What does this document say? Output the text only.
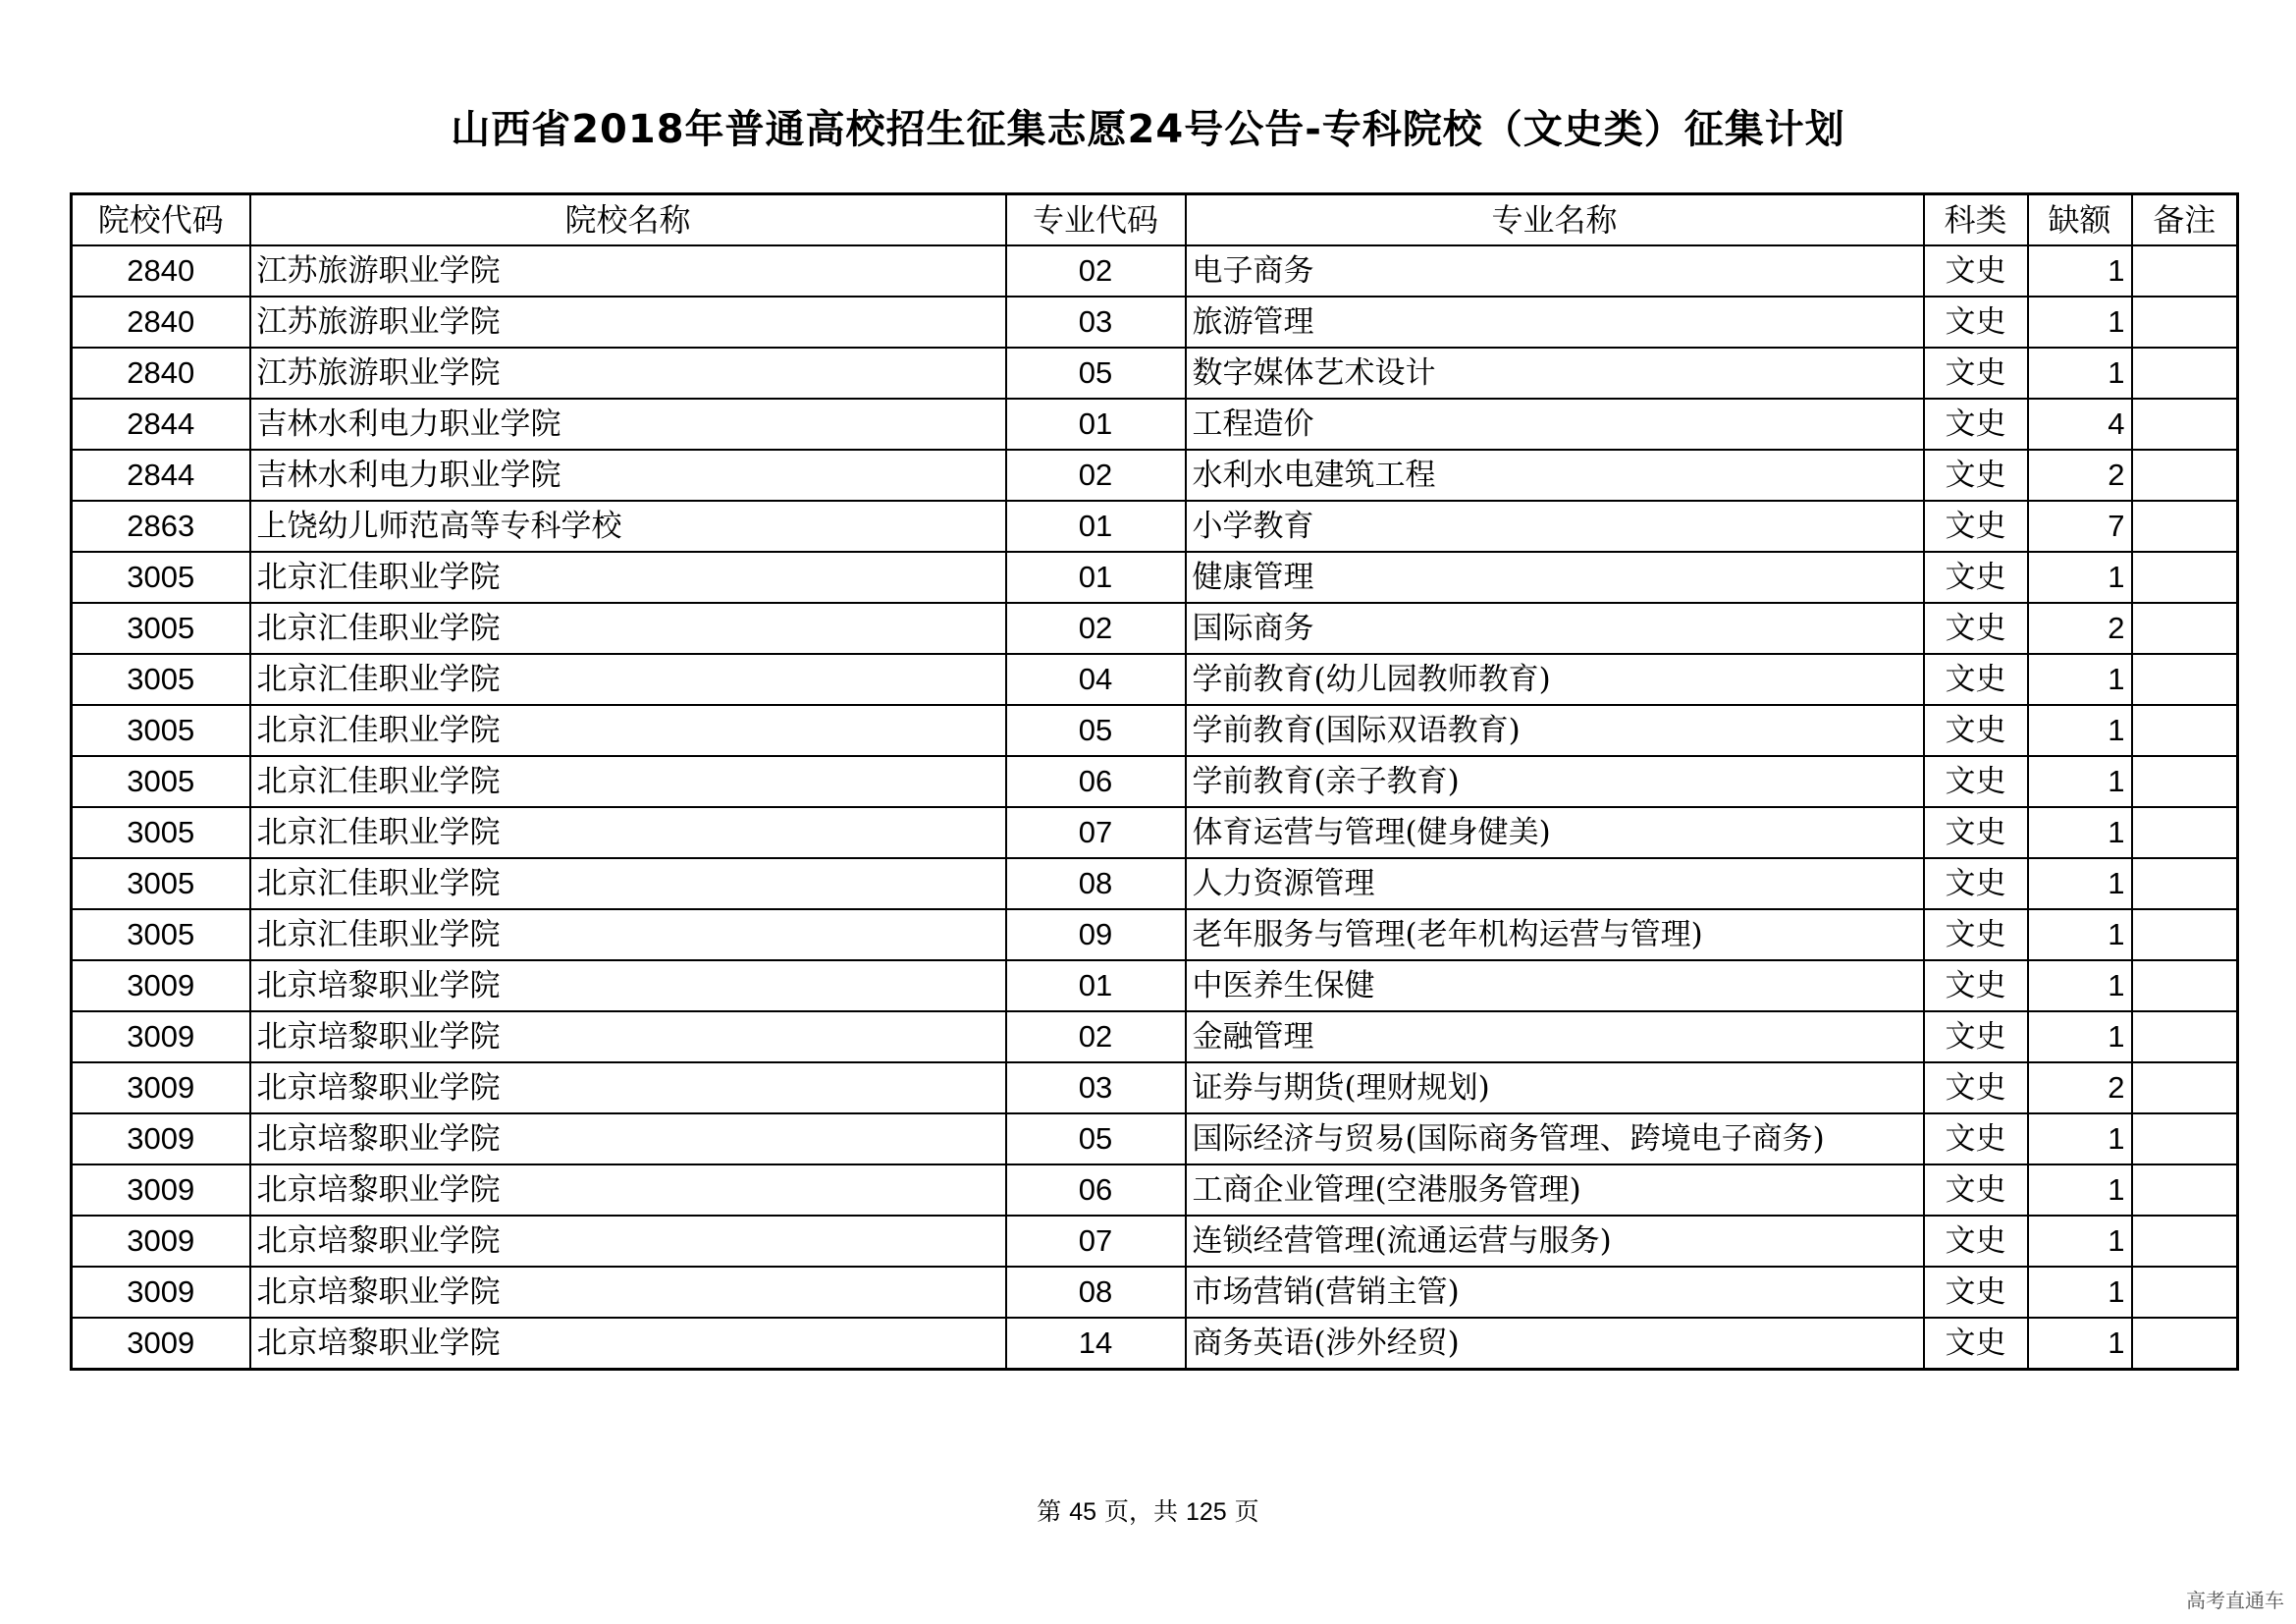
山西省2018年普通高校招生征集志愿24号公告-专科院校（文史类）征集计划
院校代码	院校名称	专业代码	专业名称	科类	缺额	备注
2840	江苏旅游职业学院	02	电子商务	文史	1	
2840	江苏旅游职业学院	03	旅游管理	文史	1	
2840	江苏旅游职业学院	05	数字媒体艺术设计	文史	1	
2844	吉林水利电力职业学院	01	工程造价	文史	4	
2844	吉林水利电力职业学院	02	水利水电建筑工程	文史	2	
2863	上饶幼儿师范高等专科学校	01	小学教育	文史	7	
3005	北京汇佳职业学院	01	健康管理	文史	1	
3005	北京汇佳职业学院	02	国际商务	文史	2	
3005	北京汇佳职业学院	04	学前教育(幼儿园教师教育)	文史	1	
3005	北京汇佳职业学院	05	学前教育(国际双语教育)	文史	1	
3005	北京汇佳职业学院	06	学前教育(亲子教育)	文史	1	
3005	北京汇佳职业学院	07	体育运营与管理(健身健美)	文史	1	
3005	北京汇佳职业学院	08	人力资源管理	文史	1	
3005	北京汇佳职业学院	09	老年服务与管理(老年机构运营与管理)	文史	1	
3009	北京培黎职业学院	01	中医养生保健	文史	1	
3009	北京培黎职业学院	02	金融管理	文史	1	
3009	北京培黎职业学院	03	证券与期货(理财规划)	文史	2	
3009	北京培黎职业学院	05	国际经济与贸易(国际商务管理、跨境电子商务)	文史	1	
3009	北京培黎职业学院	06	工商企业管理(空港服务管理)	文史	1	
3009	北京培黎职业学院	07	连锁经营管理(流通运营与服务)	文史	1	
3009	北京培黎职业学院	08	市场营销(营销主管)	文史	1	
3009	北京培黎职业学院	14	商务英语(涉外经贸)	文史	1	
第 45 页，共 125 页
高考直通车
